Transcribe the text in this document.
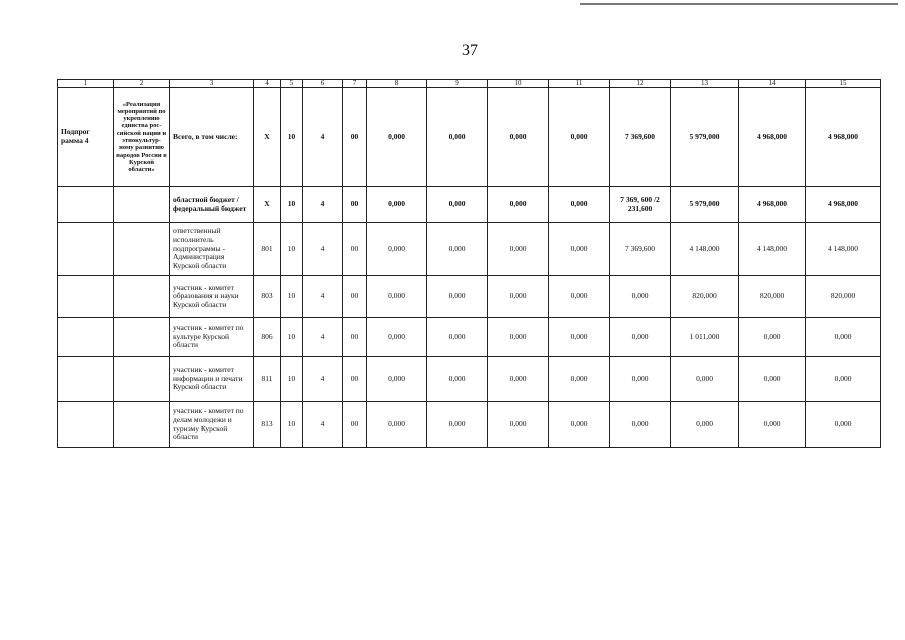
37
1	2	3	4	5	6	7	8	9	10	11	12	13	14	15
Подпрог рамма 4	«Реализация мероприятий по укреплению единства рос- сийской нации и этнокультур- ному развитию народов России в Курской области»	Всего, в том числе:	X	10	4	00	0,000	0,000	0,000	0,000	7 369,600	5 979,000	4 968,000	4 968,000
		областной бюджет /федеральный бюджет	X	10	4	00	0,000	0,000	0,000	0,000	7 369, 600 /2 231,600	5 979,000	4 968,000	4 968,000
		ответственный исполнитель подпрограммы - Администрация Курской области	801	10	4	00	0,000	0,000	0,000	0,000	7 369,600	4 148,000	4 148,000	4 148,000
		участник - комитет образования и науки Курской области	803	10	4	00	0,000	0,000	0,000	0,000	0,000	820,000	820,000	820,000
		участник - комитет по культуре Курской области	806	10	4	00	0,000	0,000	0,000	0,000	0,000	1 011,000	0,000	0,000
		участник - комитет информации и печати Курской области	811	10	4	00	0,000	0,000	0,000	0,000	0,000	0,000	0,000	0,000
		участник - комитет по делам молодежи и туризму Курской области	813	10	4	00	0,000	0,000	0,000	0,000	0,000	0,000	0,000	0,000
